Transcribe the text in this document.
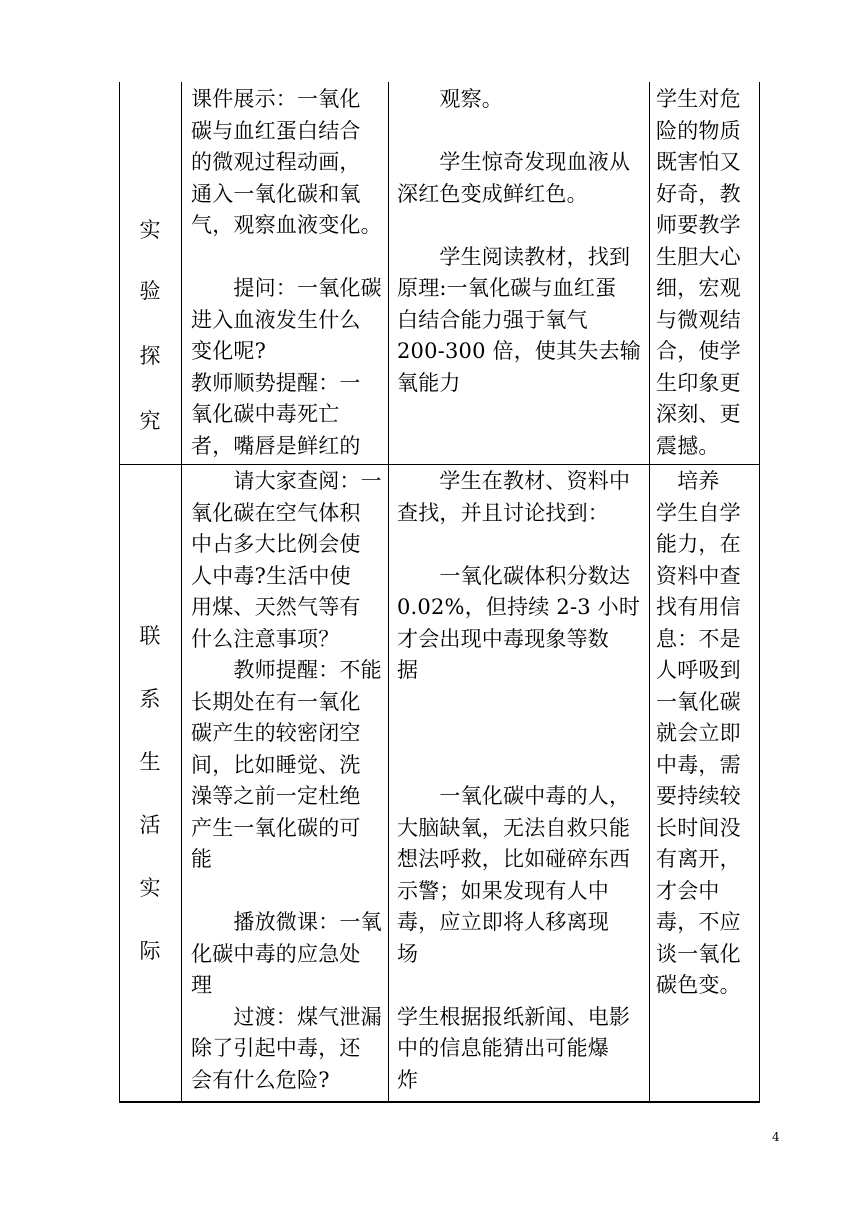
实
验
探
究

课件展示：一氧化

碳与血红蛋白结合

的微观过程动画，

通入一氧化碳和氧

气，观察血液变化。

　　提问：一氧化碳

进入血液发生什么

变化呢?

教师顺势提醒：一

氧化碳中毒死亡

者，嘴唇是鲜红的

　　观察。

　　学生惊奇发现血液从

深红色变成鲜红色。

　　学生阅读教材，找到

原理:一氧化碳与血红蛋

白结合能力强于氧气

200-300 倍，使其失去输

氧能力

学生对危

险的物质

既害怕又

好奇，教

师要教学

生胆大心

细，宏观

与微观结

合，使学

生印象更

深刻、更

震撼。

联
系
生
活
实
际

　　请大家查阅：一

氧化碳在空气体积

中占多大比例会使

人中毒?生活中使

用煤、天然气等有

什么注意事项？

　　教师提醒：不能

长期处在有一氧化

碳产生的较密闭空

间，比如睡觉、洗

澡等之前一定杜绝

产生一氧化碳的可

能

　　播放微课：一氧

化碳中毒的应急处

理

　　过渡：煤气泄漏

除了引起中毒，还

会有什么危险?

　　学生在教材、资料中

查找，并且讨论找到：

　　一氧化碳体积分数达

0.02%，但持续 2-3 小时

才会出现中毒现象等数

据

　　一氧化碳中毒的人，

大脑缺氧，无法自救只能

想法呼救，比如碰碎东西

示警；如果发现有人中

毒，应立即将人移离现

场

学生根据报纸新闻、电影

中的信息能猜出可能爆

炸

　培养

学生自学

能力，在

资料中查

找有用信

息：不是

人呼吸到

一氧化碳

就会立即

中毒，需

要持续较

长时间没

有离开，

才会中

毒，不应

谈一氧化

碳色变。

4
